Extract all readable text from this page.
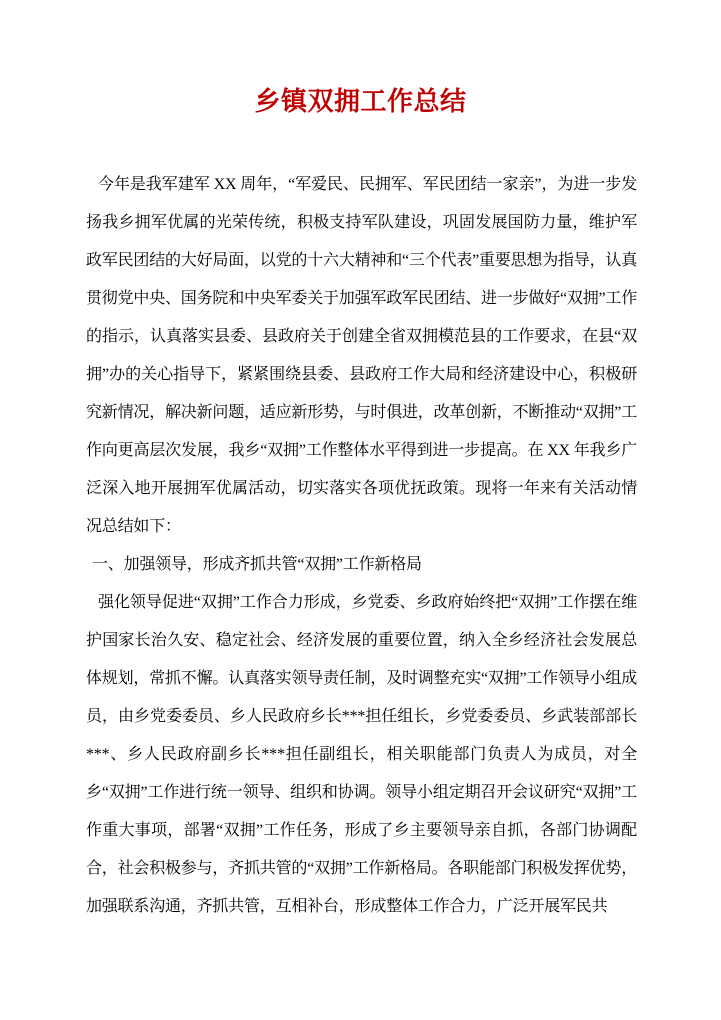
乡镇双拥工作总结

今年是我军建军 XX 周年，“军爱民、民拥军、军民团结一家亲”，为进一步发扬我乡拥军优属的光荣传统，积极支持军队建设，巩固发展国防力量，维护军政军民团结的大好局面，以党的十六大精神和“三个代表”重要思想为指导，认真贯彻党中央、国务院和中央军委关于加强军政军民团结、进一步做好“双拥”工作的指示，认真落实县委、县政府关于创建全省双拥模范县的工作要求，在县“双拥”办的关心指导下，紧紧围绕县委、县政府工作大局和经济建设中心，积极研究新情况，解决新问题，适应新形势，与时俱进，改革创新，不断推动“双拥”工作向更高层次发展，我乡“双拥”工作整体水平得到进一步提高。在 XX 年我乡广泛深入地开展拥军优属活动，切实落实各项优抚政策。现将一年来有关活动情况总结如下：

一、加强领导，形成齐抓共管“双拥”工作新格局

强化领导促进“双拥”工作合力形成，乡党委、乡政府始终把“双拥”工作摆在维护国家长治久安、稳定社会、经济发展的重要位置，纳入全乡经济社会发展总体规划，常抓不懈。认真落实领导责任制，及时调整充实“双拥”工作领导小组成员，由乡党委委员、乡人民政府乡长***担任组长，乡党委委员、乡武装部部长***、乡人民政府副乡长***担任副组长，相关职能部门负责人为成员，对全乡“双拥”工作进行统一领导、组织和协调。领导小组定期召开会议研究“双拥”工作重大事项，部署“双拥”工作任务，形成了乡主要领导亲自抓，各部门协调配合，社会积极参与，齐抓共管的“双拥”工作新格局。各职能部门积极发挥优势，加强联系沟通，齐抓共管，互相补台，形成整体工作合力，广泛开展军民共
